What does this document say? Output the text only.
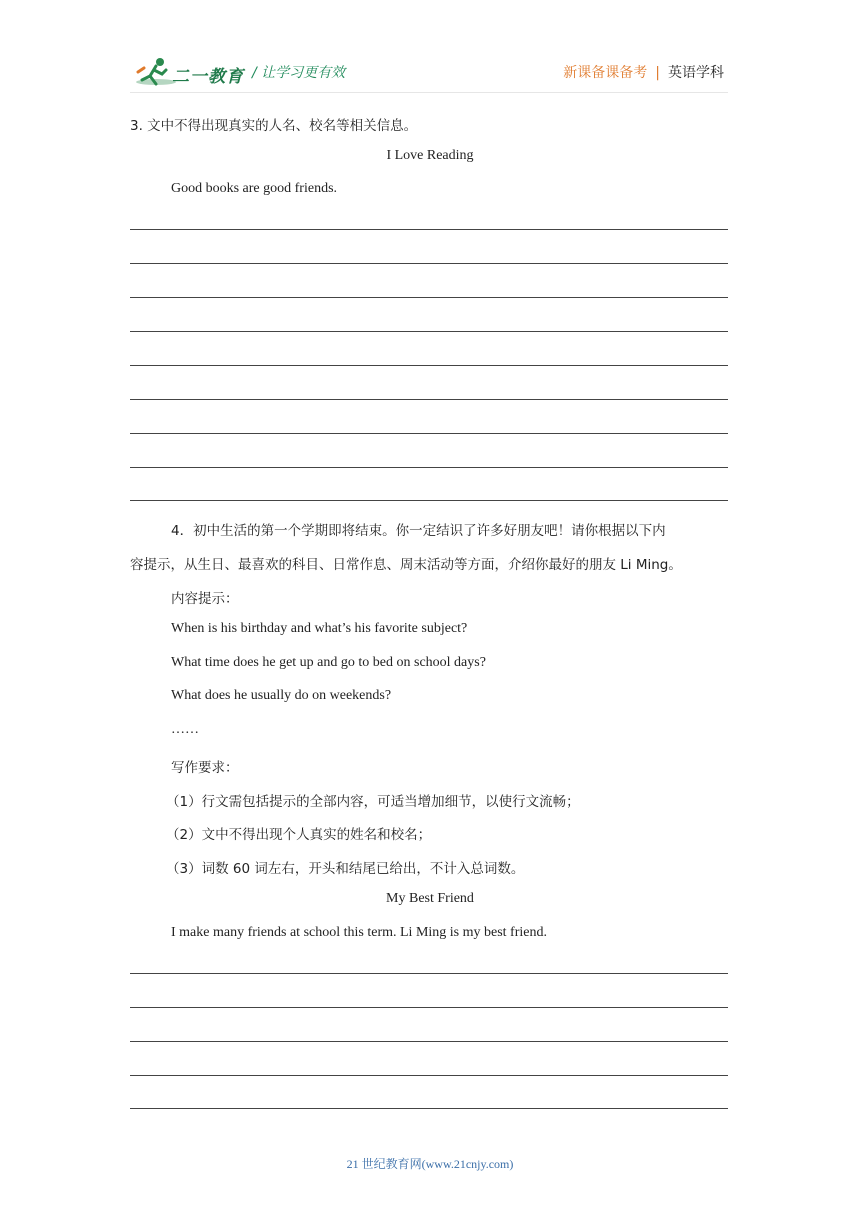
二一教育 / 让学习更有效	新课备课备考 | 英语学科
3. 文中不得出现真实的人名、校名等相关信息。
I Love Reading
Good books are good friends.
4．初中生活的第一个学期即将结束。你一定结识了许多好朋友吧！请你根据以下内
容提示，从生日、最喜欢的科目、日常作息、周末活动等方面，介绍你最好的朋友 Li Ming。
内容提示：
When is his birthday and what’s his favorite subject?
What time does he get up and go to bed on school days?
What does he usually do on weekends?
……
写作要求：
（1）行文需包括提示的全部内容，可适当增加细节，以使行文流畅；
（2）文中不得出现个人真实的姓名和校名；
（3）词数 60 词左右，开头和结尾已给出，不计入总词数。
My Best Friend
I make many friends at school this term. Li Ming is my best friend.
21 世纪教育网(www.21cnjy.com)
